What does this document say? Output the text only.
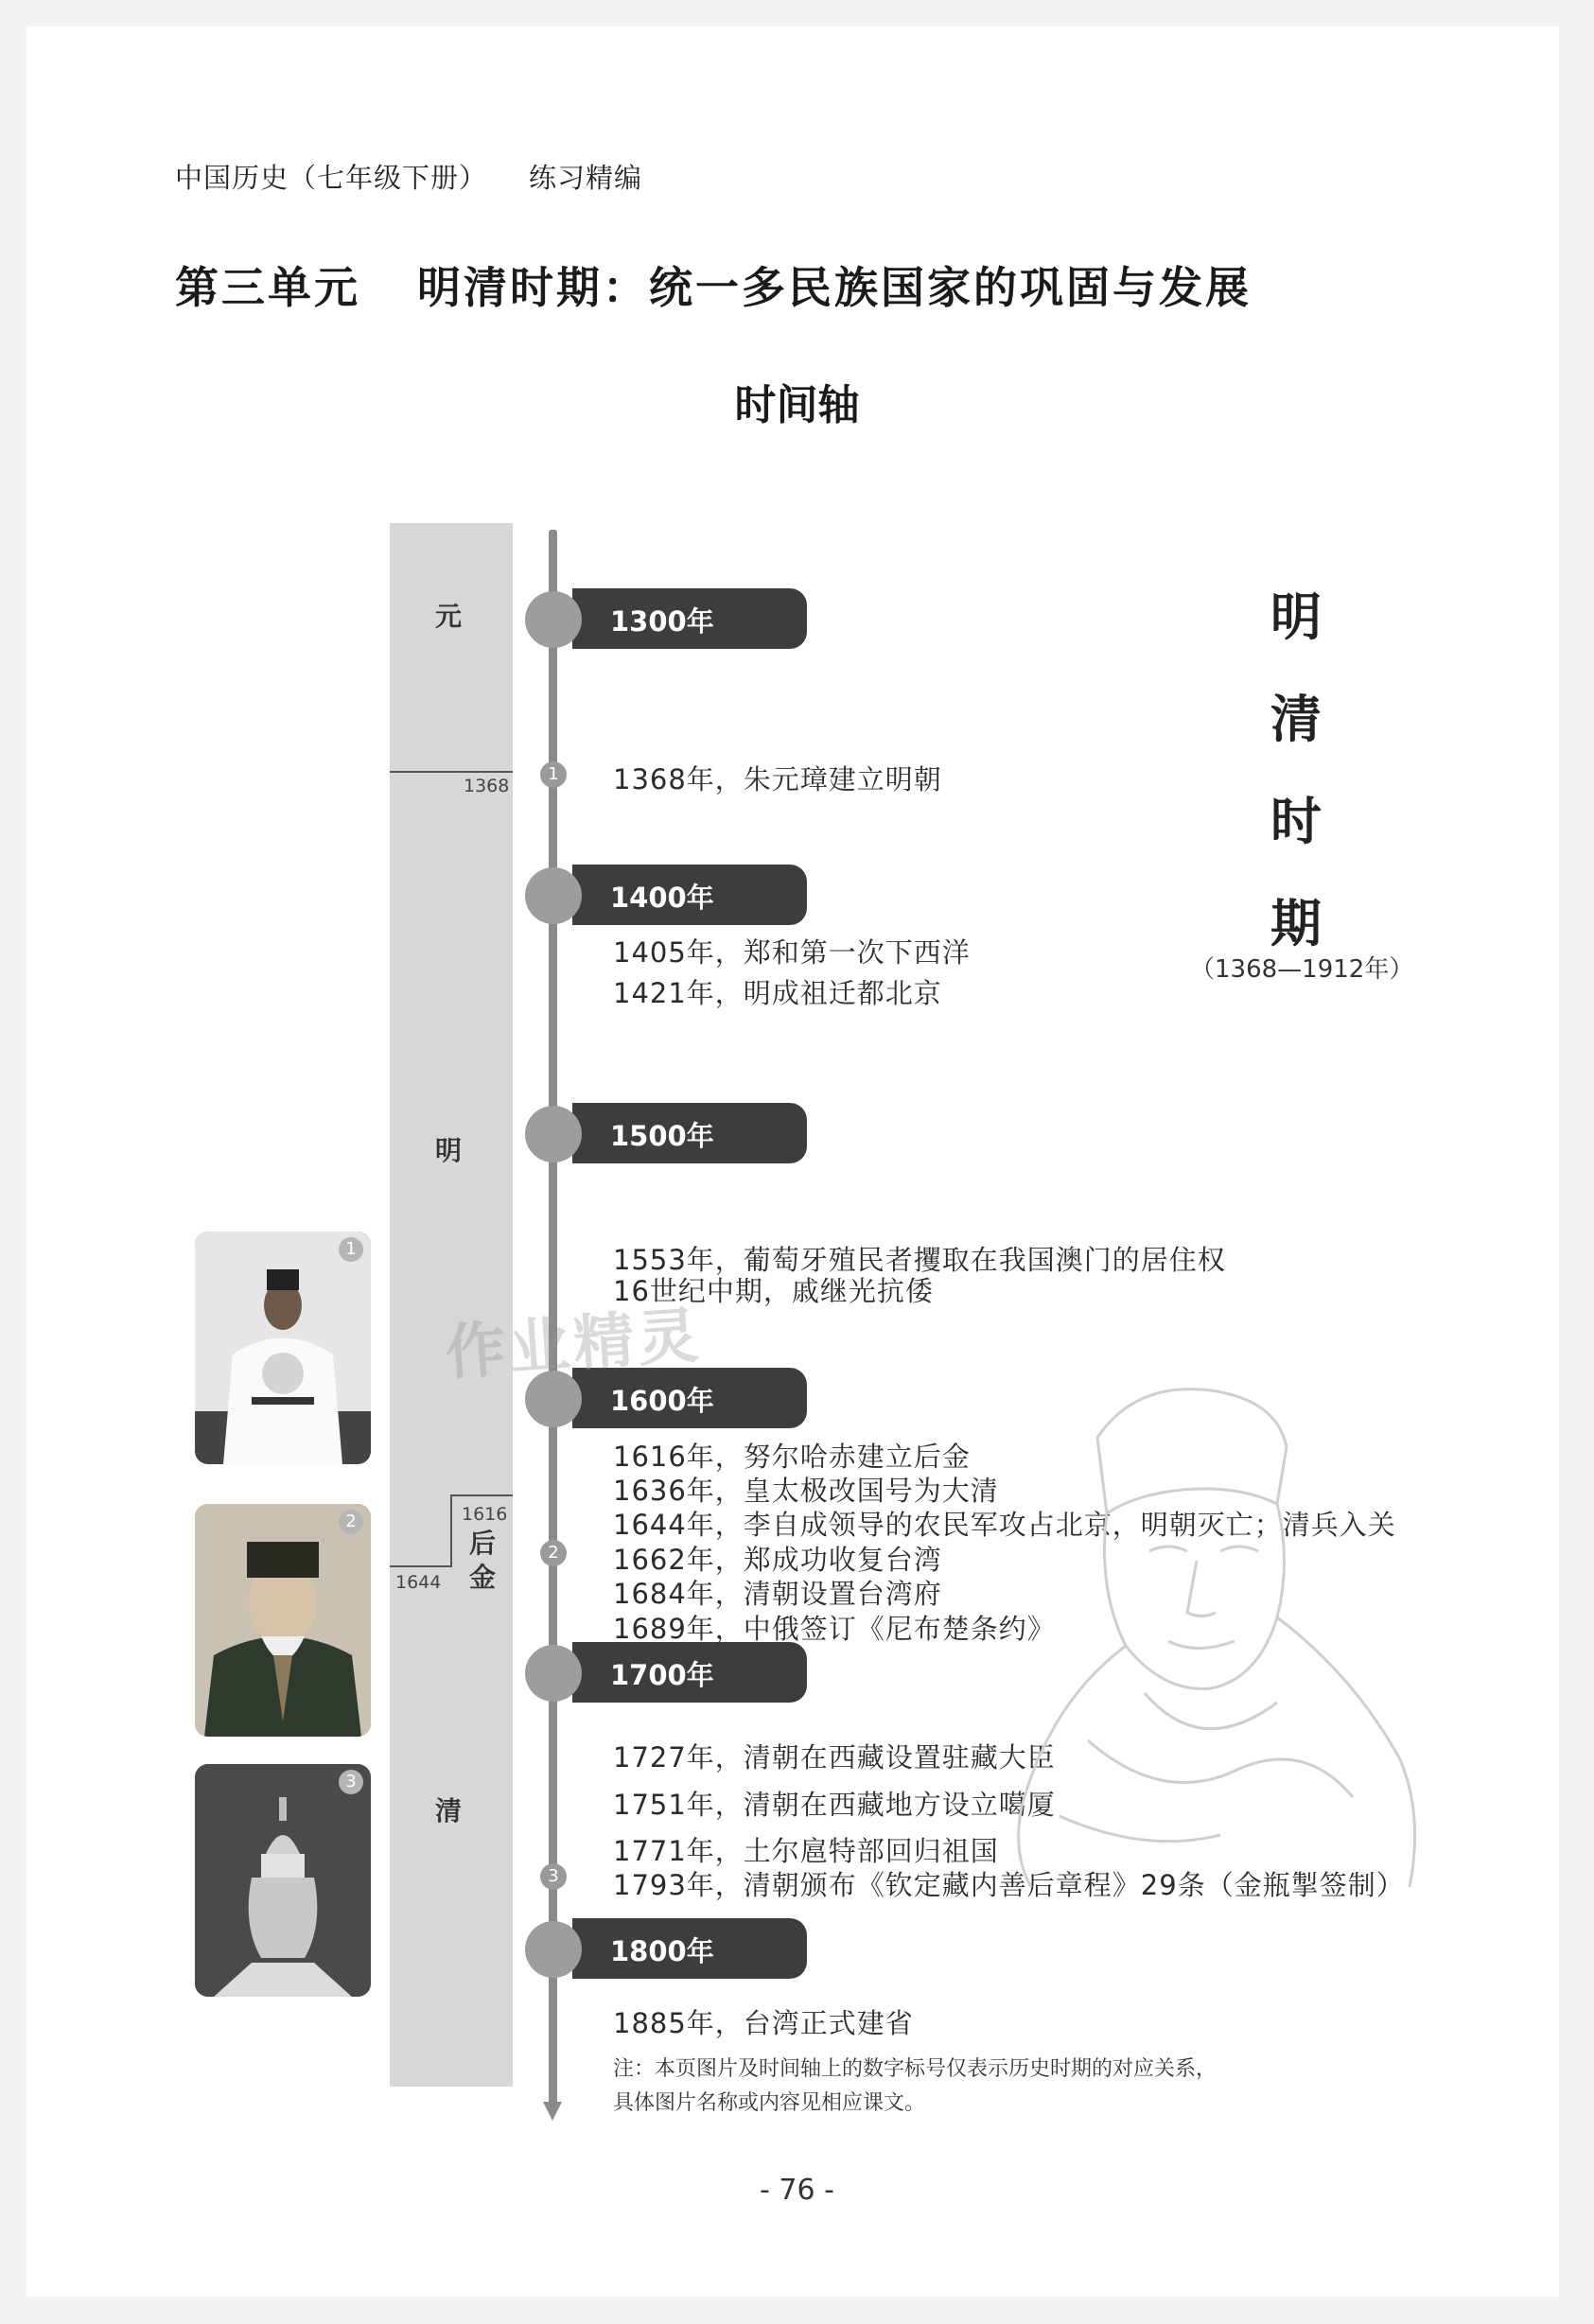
中国历史（七年级下册） 练习精编
第三单元 明清时期：统一多民族国家的巩固与发展
时间轴
元
明
后
金
清
1368
1616
1644
1300年
1400年
1500年
1600年
1700年
1800年
1
2
3
1368年，朱元璋建立明朝
1405年，郑和第一次下西洋
1421年，明成祖迁都北京
1553年，葡萄牙殖民者攫取在我国澳门的居住权
16世纪中期，戚继光抗倭
1616年，努尔哈赤建立后金
1636年，皇太极改国号为大清
1644年，李自成领导的农民军攻占北京，明朝灭亡；清兵入关
1662年，郑成功收复台湾
1684年，清朝设置台湾府
1689年，中俄签订《尼布楚条约》
1727年，清朝在西藏设置驻藏大臣
1751年，清朝在西藏地方设立噶厦
1771年，土尔扈特部回归祖国
1793年，清朝颁布《钦定藏内善后章程》29条（金瓶掣签制）
1885年，台湾正式建省
明
清
时
期
（1368—1912年）
1
2
3
作业精灵
注：本页图片及时间轴上的数字标号仅表示历史时期的对应关系，
具体图片名称或内容见相应课文。
- 76 -
